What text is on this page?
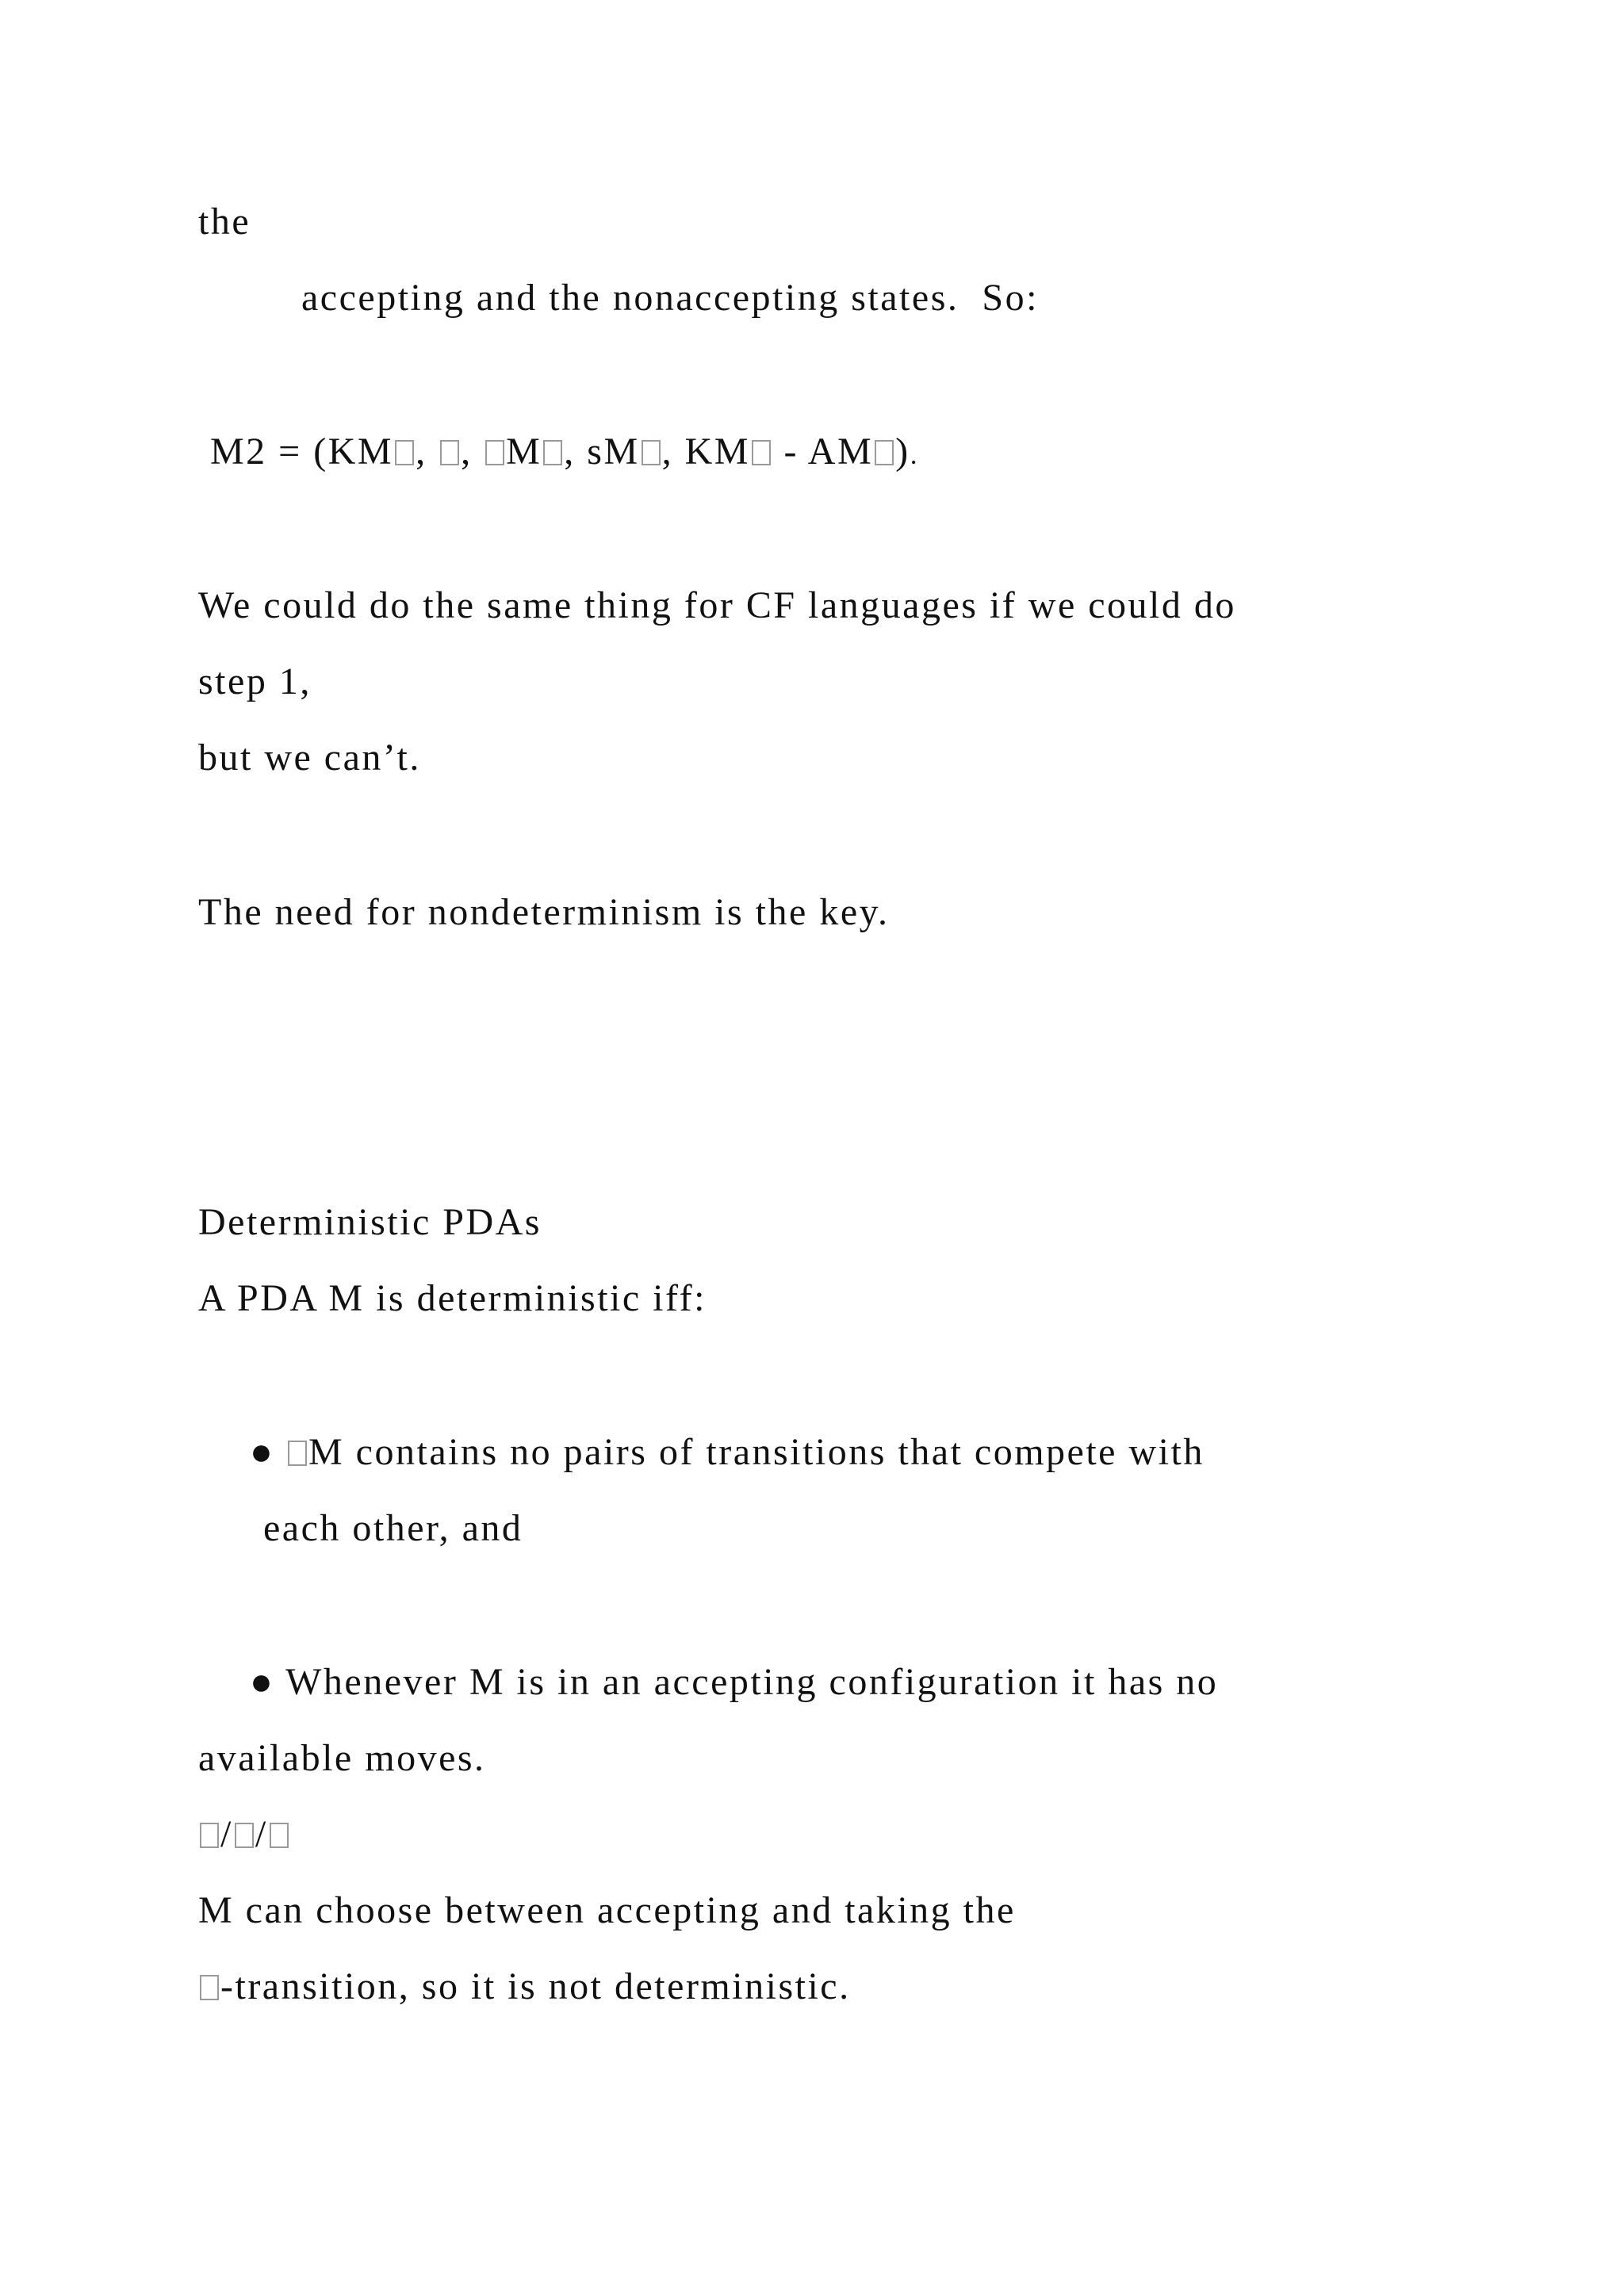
the
accepting and the nonaccepting states.  So:
M2 = (KM , , M , sM , KM - AM ).
We could do the same thing for CF languages if we could do
step 1,
but we can’t.
The need for nondeterminism is the key.
Deterministic PDAs
A PDA M is deterministic iff:
● M contains no pairs of transitions that compete with
each other, and
● Whenever M is in an accepting configuration it has no
available moves.
/ /
M can choose between accepting and taking the
-transition, so it is not deterministic.
